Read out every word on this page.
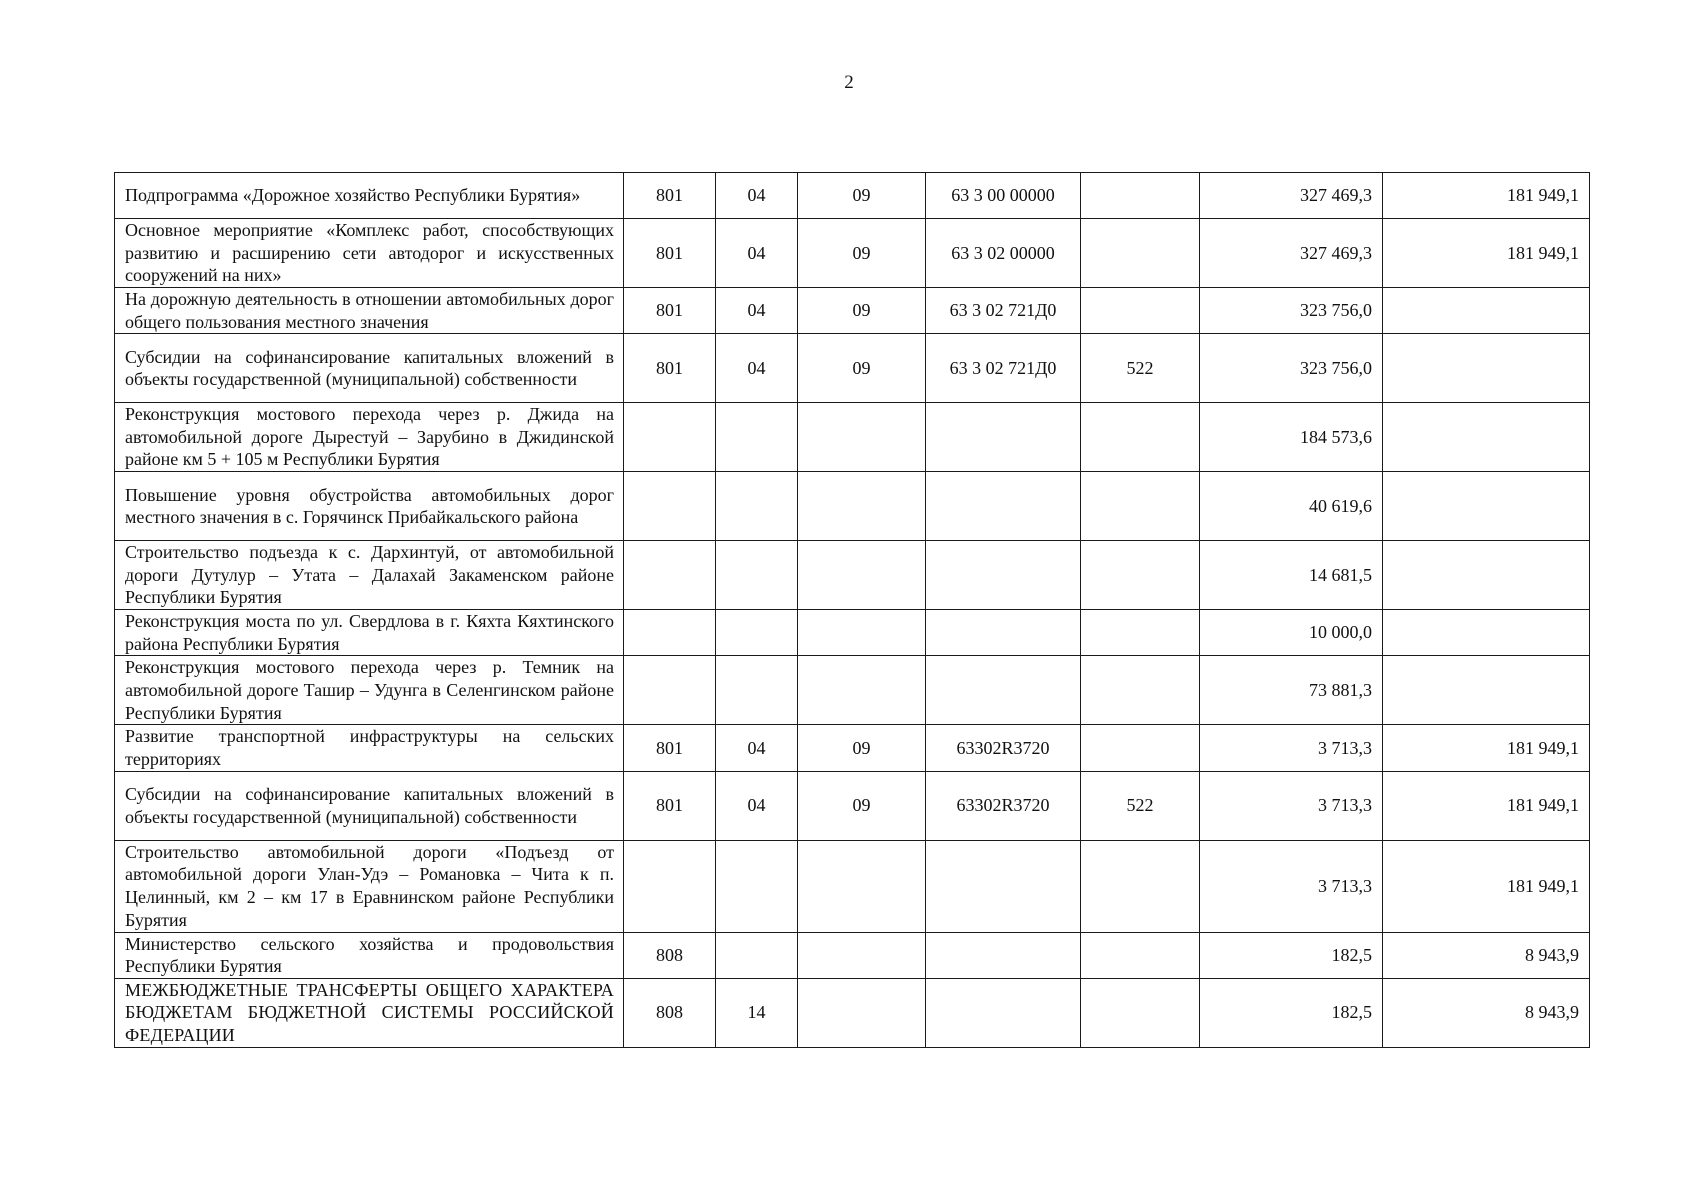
2
Подпрограмма «Дорожное хозяйство Республики Бурятия»	801	04	09	63 3 00 00000		327 469,3	181 949,1
Основное мероприятие «Комплекс работ, способствующих развитию и расширению сети автодорог и искусственных сооружений на них»	801	04	09	63 3 02 00000		327 469,3	181 949,1
На дорожную деятельность в отношении автомобильных дорог общего пользования местного значения	801	04	09	63 3 02 721Д0		323 756,0	
Субсидии на софинансирование капитальных вложений в объекты государственной (муниципальной) собственности	801	04	09	63 3 02 721Д0	522	323 756,0	
Реконструкция мостового перехода через р. Джида на автомобильной дороге Дырестуй – Зарубино в Джидинской районе км 5 + 105 м Республики Бурятия						184 573,6	
Повышение уровня обустройства автомобильных дорог местного значения в с. Горячинск Прибайкальского района						40 619,6	
Строительство подъезда к с. Дархинтуй, от автомобильной дороги Дутулур – Утата – Далахай Закаменском районе Республики Бурятия						14 681,5	
Реконструкция моста по ул. Свердлова в г. Кяхта Кяхтинского района Республики Бурятия						10 000,0	
Реконструкция мостового перехода через р. Темник на автомобильной дороге Ташир – Удунга в Селенгинском районе Республики Бурятия						73 881,3	
Развитие транспортной инфраструктуры на сельских территориях	801	04	09	63302R3720		3 713,3	181 949,1
Субсидии на софинансирование капитальных вложений в объекты государственной (муниципальной) собственности	801	04	09	63302R3720	522	3 713,3	181 949,1
Строительство автомобильной дороги «Подъезд от автомобильной дороги Улан-Удэ – Романовка – Чита к п. Целинный, км 2 – км 17 в Еравнинском районе Республики Бурятия						3 713,3	181 949,1
Министерство сельского хозяйства и продовольствия Республики Бурятия	808					182,5	8 943,9
МЕЖБЮДЖЕТНЫЕ ТРАНСФЕРТЫ ОБЩЕГО ХАРАКТЕРА БЮДЖЕТАМ БЮДЖЕТНОЙ СИСТЕМЫ РОССИЙСКОЙ ФЕДЕРАЦИИ	808	14				182,5	8 943,9
